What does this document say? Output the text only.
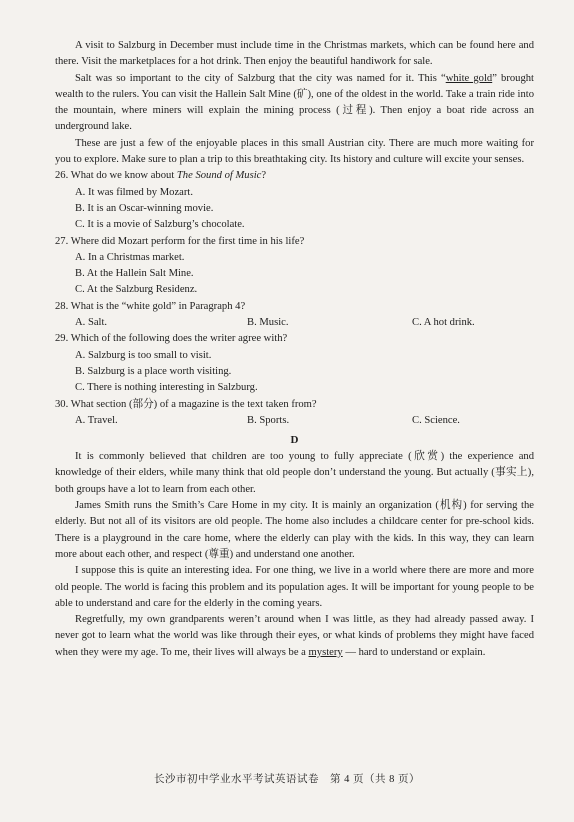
A visit to Salzburg in December must include time in the Christmas markets, which can be found here and there. Visit the marketplaces for a hot drink. Then enjoy the beautiful handiwork for sale.

Salt was so important to the city of Salzburg that the city was named for it. This “white gold” brought wealth to the rulers. You can visit the Hallein Salt Mine (矿), one of the oldest in the world. Take a train ride into the mountain, where miners will explain the mining process (过程). Then enjoy a boat ride across an underground lake.

These are just a few of the enjoyable places in this small Austrian city. There are much more waiting for you to explore. Make sure to plan a trip to this breathtaking city. Its history and culture will excite your senses.

26. What do we know about The Sound of Music?

A. It was filmed by Mozart.

B. It is an Oscar-winning movie.

C. It is a movie of Salzburg’s chocolate.

27. Where did Mozart perform for the first time in his life?

A. In a Christmas market.

B. At the Hallein Salt Mine.

C. At the Salzburg Residenz.

28. What is the “white gold” in Paragraph 4?

A. Salt.	B. Music.	C. A hot drink.

29. Which of the following does the writer agree with?

A. Salzburg is too small to visit.

B. Salzburg is a place worth visiting.

C. There is nothing interesting in Salzburg.

30. What section (部分) of a magazine is the text taken from?

A. Travel.	B. Sports.	C. Science.
D

It is commonly believed that children are too young to fully appreciate (欣赏) the experience and knowledge of their elders, while many think that old people don’t understand the young. But actually (事实上), both groups have a lot to learn from each other.

James Smith runs the Smith’s Care Home in my city. It is mainly an organization (机构) for serving the elderly. But not all of its visitors are old people. The home also includes a childcare center for pre-school kids. There is a playground in the care home, where the elderly can play with the kids. In this way, they can learn more about each other, and respect (尊重) and understand one another.

I suppose this is quite an interesting idea. For one thing, we live in a world where there are more and more old people. The world is facing this problem and its population ages. It will be important for young people to be able to understand and care for the elderly in the coming years.

Regretfully, my own grandparents weren’t around when I was little, as they had already passed away. I never got to learn what the world was like through their eyes, or what kinds of problems they might have faced when they were my age. To me, their lives will always be a mystery — hard to understand or explain.

长沙市初中学业水平考试英语试卷　第 4 页（共 8 页）
